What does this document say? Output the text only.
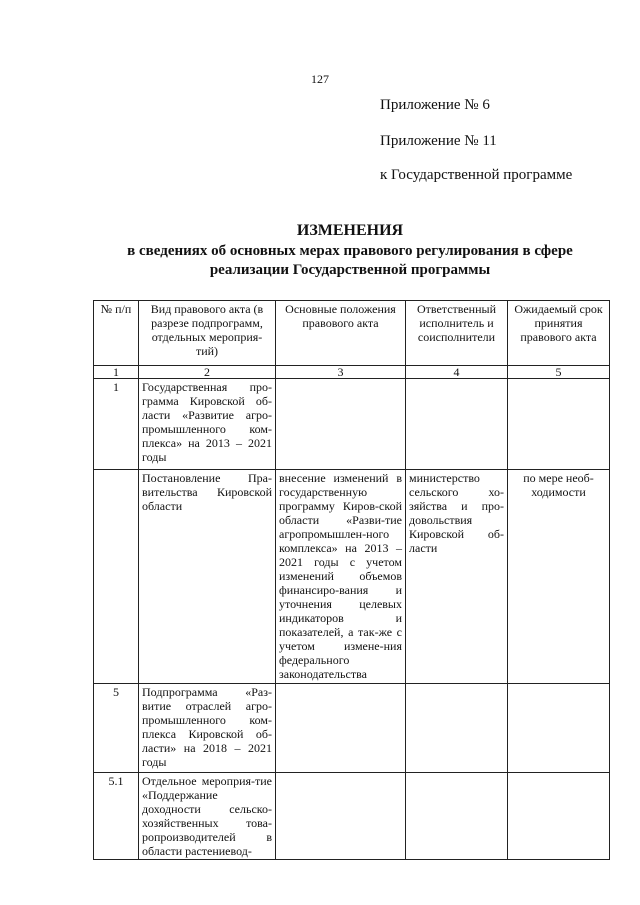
127
Приложение № 6
Приложение № 11
к Государственной программе
ИЗМЕНЕНИЯ
в сведениях об основных мерах правового регулирования в сфере
реализации Государственной программы
№ п/п	Вид правового акта (в разрезе подпрограмм, отдельных мероприя-тий)	Основные положения правового акта	Ответственный исполнитель и соисполнители	Ожидаемый срок принятия правового акта
1	2	3	4	5
1	Государственная про-грамма Кировской об-ласти «Развитие агро-промышленного ком-плекса» на 2013 – 2021 годы			
	Постановление Пра-вительства Кировской области	внесение изменений в государственную программу Киров-ской области «Разви-тие агропромышлен-ного комплекса» на 2013 – 2021 годы с учетом изменений объемов финансиро-вания и уточнения целевых индикаторов и показателей, а так-же с учетом измене-ния федерального законодательства	министерство сельского хо-зяйства и про-довольствия Кировской об-ласти	по мере необ-ходимости
5	Подпрограмма «Раз-витие отраслей агро-промышленного ком-плекса Кировской об-ласти» на 2018 – 2021 годы			
5.1	Отдельное мероприя-тие «Поддержание доходности сельско-хозяйственных това-ропроизводителей в области растениевод-			
